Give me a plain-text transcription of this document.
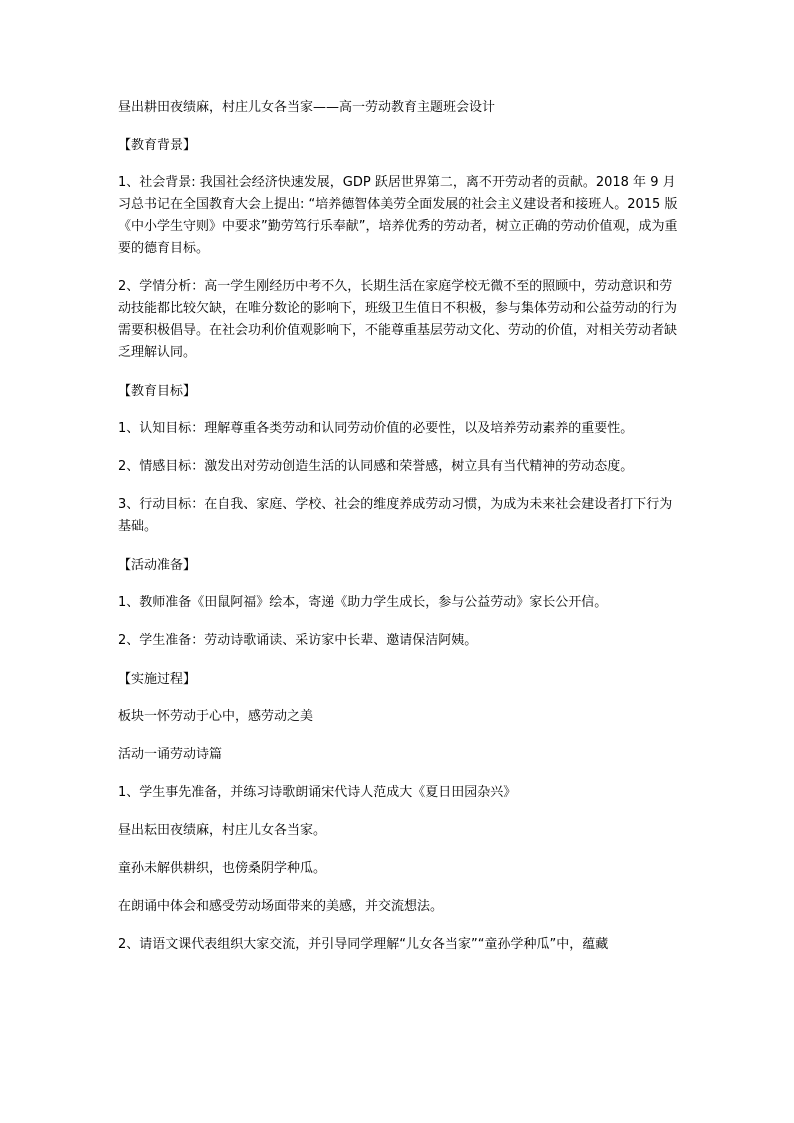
昼出耕田夜绩麻，村庄儿女各当家——高一劳动教育主题班会设计

【教育背景】

1、社会背景: 我国社会经济快速发展，GDP 跃居世界第二，离不开劳动者的贡献。2018 年 9 月习总书记在全国教育大会上提出: “培养德智体美劳全面发展的社会主义建设者和接班人。2015 版《中小学生守则》中要求”勤劳笃行乐奉献”，培养优秀的劳动者，树立正确的劳动价值观，成为重要的德育目标。

2、学情分析：高一学生刚经历中考不久，长期生活在家庭学校无微不至的照顾中，劳动意识和劳动技能都比较欠缺，在唯分数论的影响下，班级卫生值日不积极，参与集体劳动和公益劳动的行为需要积极倡导。在社会功利价值观影响下，不能尊重基层劳动文化、劳动的价值，对相关劳动者缺乏理解认同。

【教育目标】

1、认知目标：理解尊重各类劳动和认同劳动价值的必要性，以及培养劳动素养的重要性。

2、情感目标：激发出对劳动创造生活的认同感和荣誉感，树立具有当代精神的劳动态度。

3、行动目标：在自我、家庭、学校、社会的维度养成劳动习惯，为成为未来社会建设者打下行为基础。

【活动准备】

1、教师准备《田鼠阿福》绘本，寄递《助力学生成长，参与公益劳动》家长公开信。

2、学生准备：劳动诗歌诵读、采访家中长辈、邀请保洁阿姨。

【实施过程】

板块一怀劳动于心中，感劳动之美

活动一诵劳动诗篇

1、学生事先准备，并练习诗歌朗诵宋代诗人范成大《夏日田园杂兴》

昼出耘田夜绩麻，村庄儿女各当家。

童孙未解供耕织，也傍桑阴学种瓜。

在朗诵中体会和感受劳动场面带来的美感，并交流想法。

2、请语文课代表组织大家交流，并引导同学理解“儿女各当家”“童孙学种瓜”中，蕴藏
